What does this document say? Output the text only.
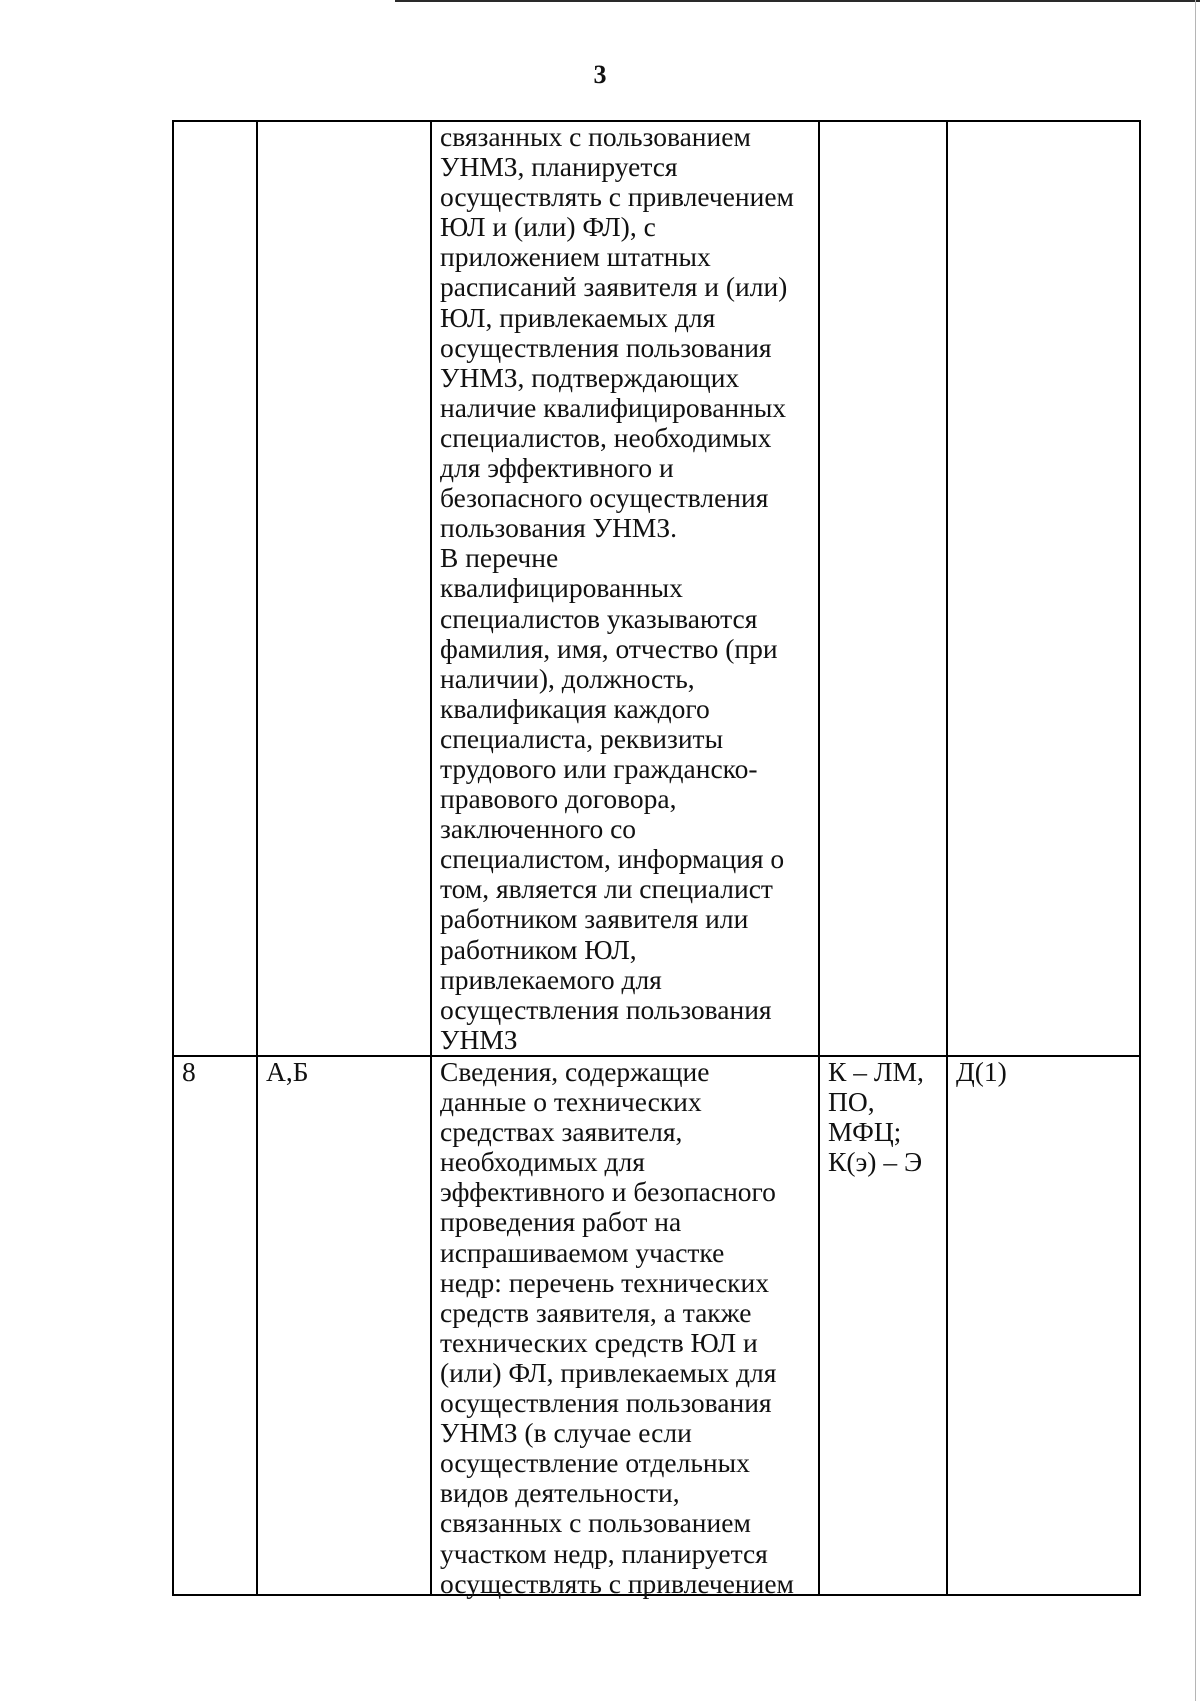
3
связанных с пользованием
УНМЗ, планируется
осуществлять с привлечением
ЮЛ и (или) ФЛ), с
приложением штатных
расписаний заявителя и (или)
ЮЛ, привлекаемых для
осуществления пользования
УНМЗ, подтверждающих
наличие квалифицированных
специалистов, необходимых
для эффективного и
безопасного осуществления
пользования УНМЗ.
В перечне
квалифицированных
специалистов указываются
фамилия, имя, отчество (при
наличии), должность,
квалификация каждого
специалиста, реквизиты
трудового или гражданско-
правового договора,
заключенного со
специалистом, информация о
том, является ли специалист
работником заявителя или
работником ЮЛ,
привлекаемого для
осуществления пользования
УНМЗ
8	А,Б	Сведения, содержащие
данные о технических
средствах заявителя,
необходимых для
эффективного и безопасного
проведения работ на
испрашиваемом участке
недр: перечень технических
средств заявителя, а также
технических средств ЮЛ и
(или) ФЛ, привлекаемых для
осуществления пользования
УНМЗ (в случае если
осуществление отдельных
видов деятельности,
связанных с пользованием
участком недр, планируется
осуществлять с привлечением
К – ЛМ,
ПО,
МФЦ;
К(э) – Э
Д(1)
